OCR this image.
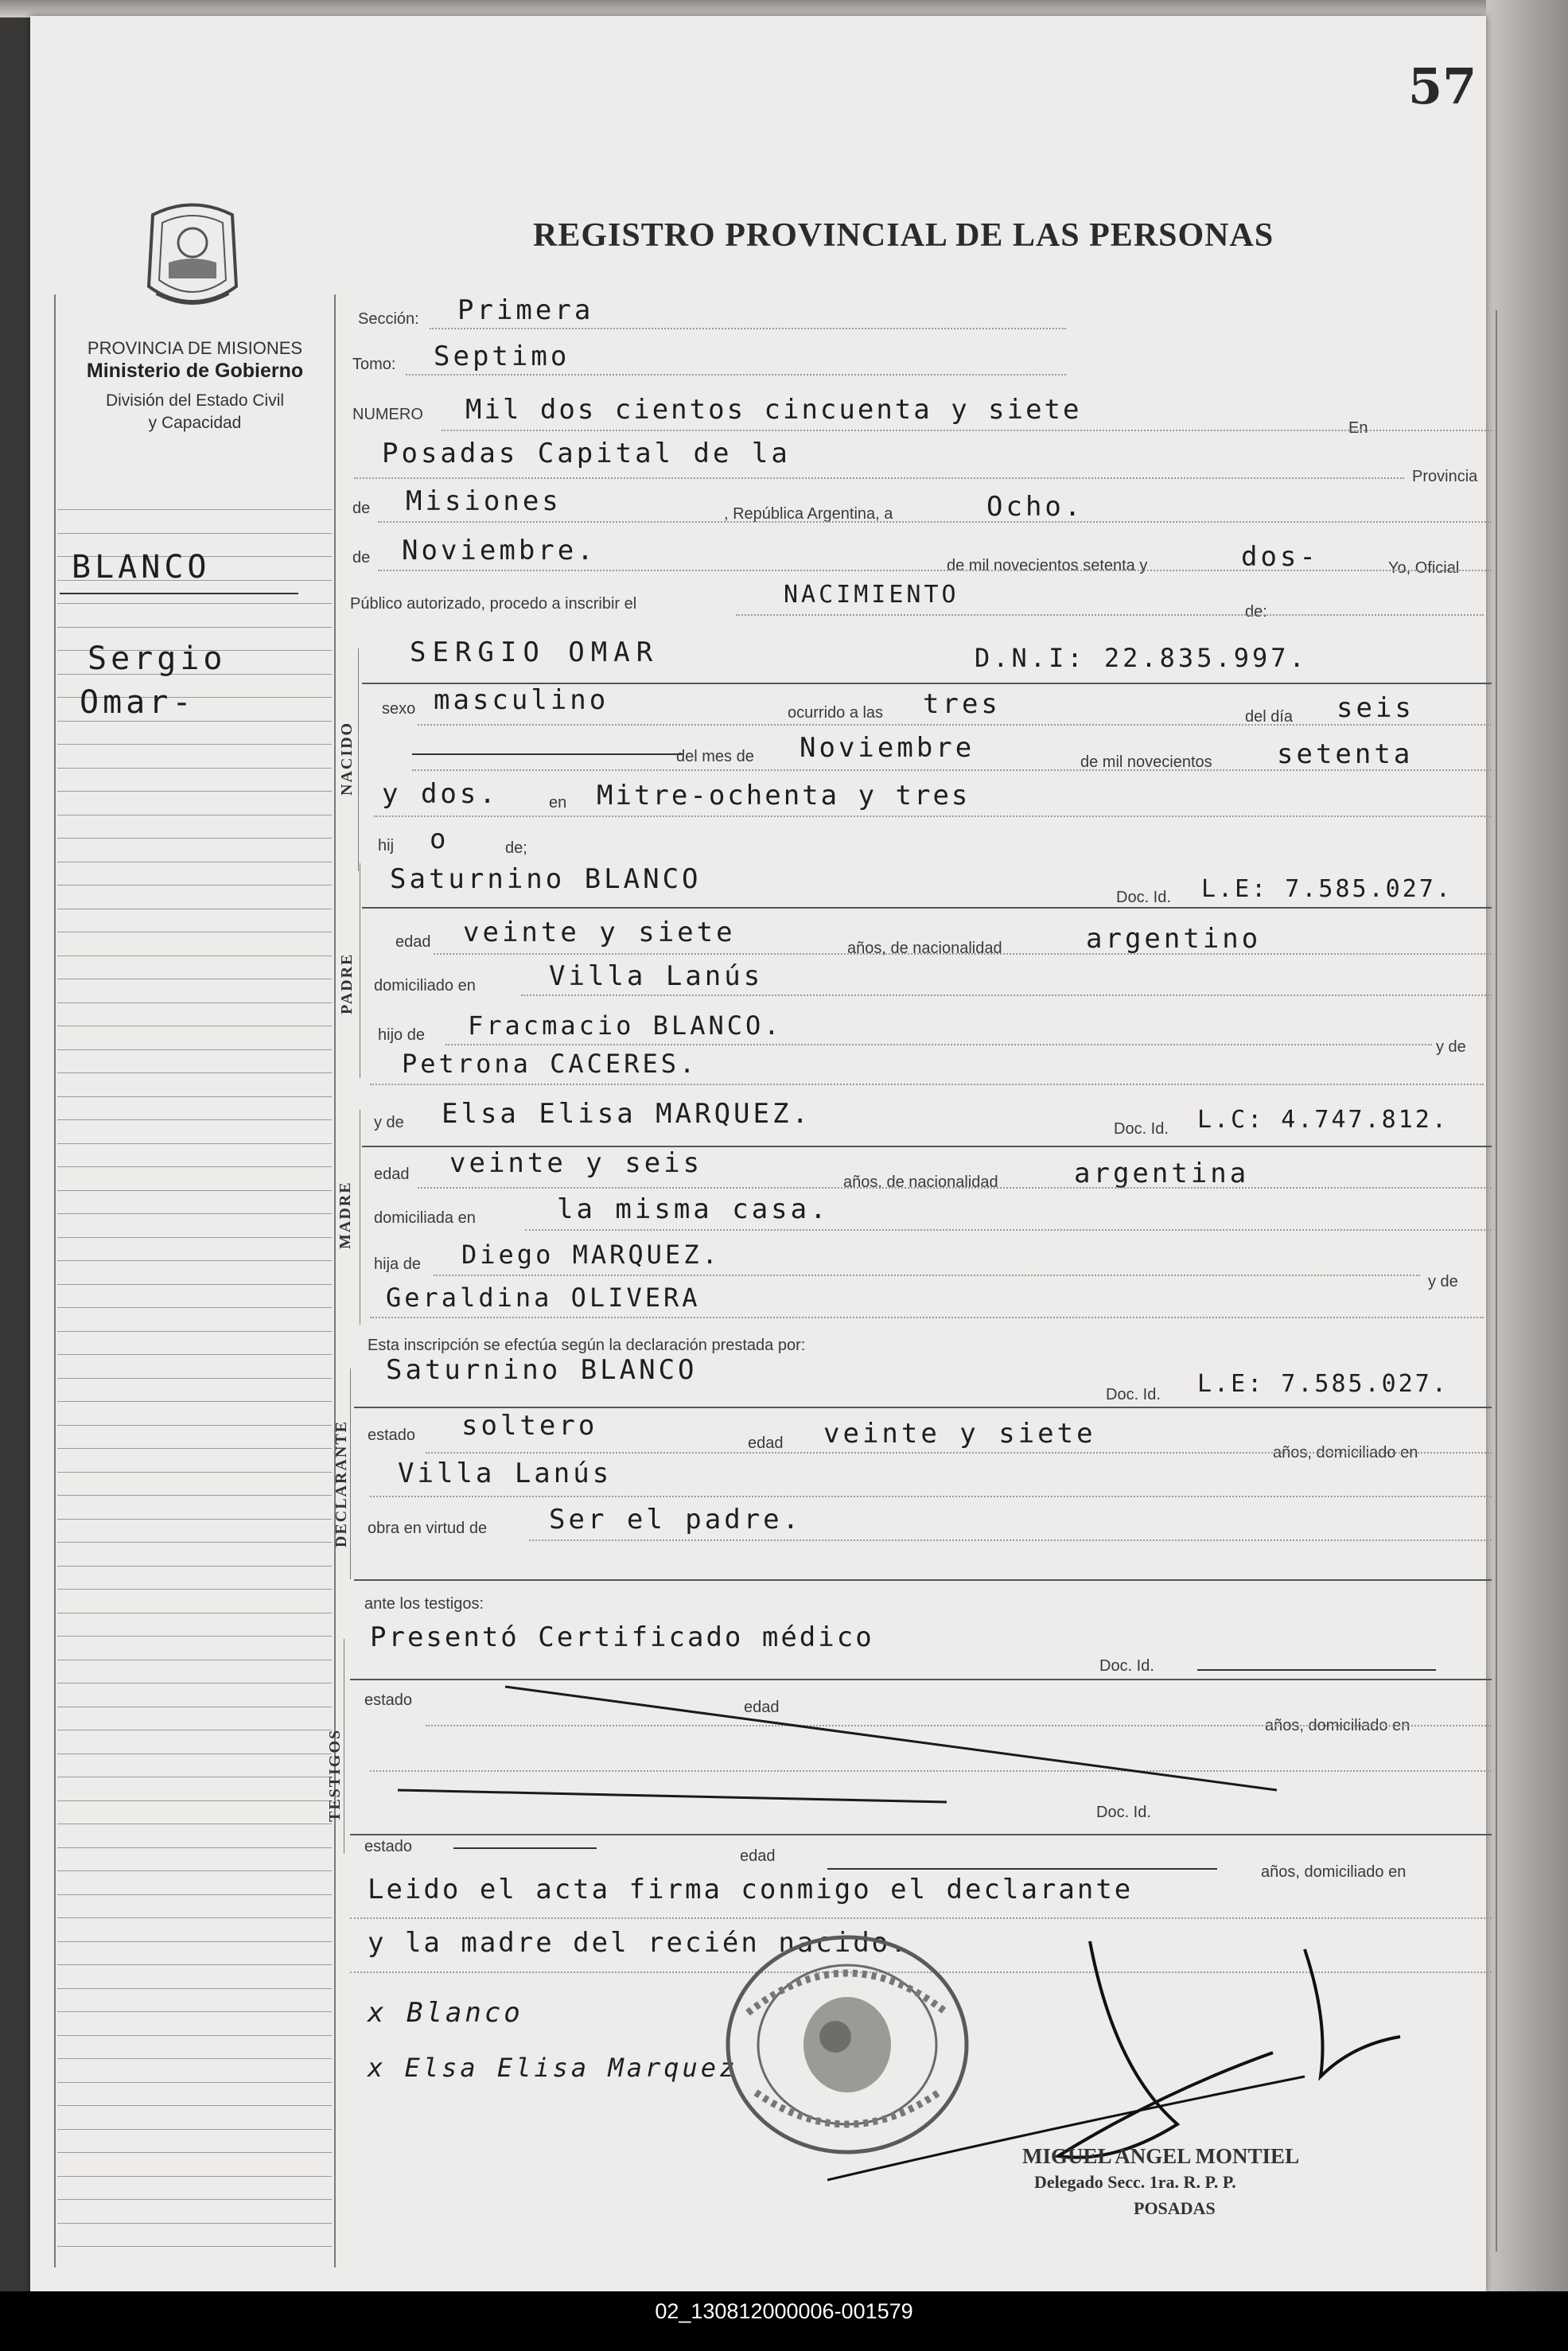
57
REGISTRO PROVINCIAL DE LAS PERSONAS
PROVINCIA DE MISIONES
Ministerio de Gobierno
División del Estado Civil
y Capacidad
BLANCO
Sergio
Omar-
Sección: Primera
Tomo: Septimo
NUMERO Mil dos cientos cincuenta y siete
En
Posadas Capital de la
Provincia
de Misiones	, República Argentina, a	Ocho.
de Noviembre.	de mil novecientos setenta y	dos-	Yo, Oficial
Público autorizado, procedo a inscribir el	NACIMIENTO
de:
NACIDO
SERGIO OMAR	D.N.I: 22.835.997.
sexo masculino	ocurrido a las tres	del día seis
del mes de Noviembre	de mil novecientos setenta
y dos.	en Mitre-ochenta y tres
hij o	de;
PADRE
Saturnino BLANCO
Doc. Id. L.E: 7.585.027.
edad veinte y siete	años, de nacionalidad	argentino
domiciliado en	Villa Lanús
hijo de Fracmacio BLANCO.
y de
Petrona CACERES.
MADRE
y de Elsa Elisa MARQUEZ.	Doc. Id. L.C: 4.747.812.
edad veinte y seis
años, de nacionalidad	argentina
domiciliada en	la misma casa.
hija de Diego MARQUEZ.
y de
Geraldina OLIVERA
Esta inscripción se efectúa según la declaración prestada por:
DECLARANTE
Saturnino BLANCO
Doc. Id. L.E: 7.585.027.
estado soltero
edad veinte y siete
años, domiciliado en
Villa Lanús
obra en virtud de Ser el padre.
ante los testigos:
TESTIGOS
Presentó Certificado médico
Doc. Id.
estado	edad
años, domiciliado en
Doc. Id.
estado
edad
años, domiciliado en
Leido el acta firma conmigo el declarante
y la madre del recién nacido.
x Blanco
x Elsa Elisa Marquez
MIGUEL ANGEL MONTIEL
Delegado Secc. 1ra. R. P. P.
POSADAS
02_130812000006-001579
